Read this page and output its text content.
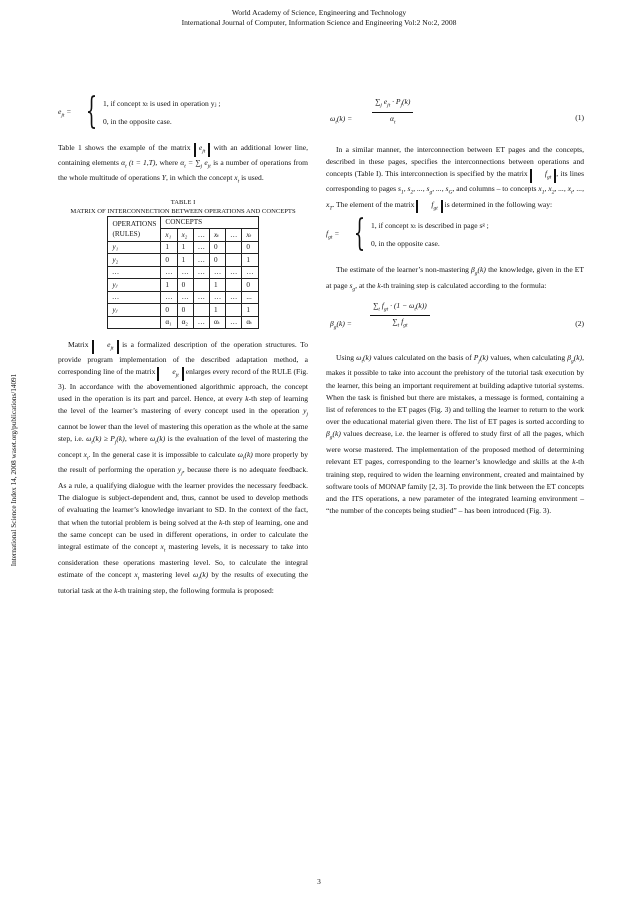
World Academy of Science, Engineering and Technology
International Journal of Computer, Information Science and Engineering Vol:2 No:2, 2008
International Science Index 14, 2008 waset.org/publications/14091
$e_{jt}$ = { 1, if concept xₜ is used in operation yⱼ ;
0, in the opposite case.

Table 1 shows the example of the matrix $e_{jt}$ with an additional lower line, containing elements $\alpha_t$ (t = 1,T), where $\alpha_t = \sum_j$ $e_{jt}$ is a number of operations from the whole multitude of operations Y, in which the concept $x_t$ is used.

TABLE I
MATRIX OF INTERCONNECTION BETWEEN OPERATIONS AND CONCEPTS
OPERATIONS
(RULES)	CONCEPTS					
	x₁	x₂	…	xₜ	…	xₜ
y₁	1	1	…	0		0
y₂	0	1	…	0		1
…	…	…	…	…	…	…
yⱼ	1	0		1		0
…	…	…	…	…	…	...
yⱼ	0	0		1		1
	α₁	α₂	…	αₜ	…	αₜ

Matrix $e_{jt}$ is a formalized description of the operation structures. To provide program implementation of the described adaptation method, a corresponding line of the matrix $e_{jt}$ enlarges every record of the RULE (Fig. 3). In accordance with the abovementioned algorithmic approach, the concept used in the operation is its part and parcel. Hence, at every k-th step of learning the level of the learner’s mastering of every concept used in the operation $y_j$ cannot be lower than the level of mastering this operation as the whole at the same step, i.e. $\omega_t(k) \ge P_j(k)$, where $\omega_t(k)$ is the evaluation of the level of mastering the concept $x_t$. In the general case it is impossible to calculate $\omega_t(k)$ more properly by the result of performing the operation $y_j$, because there is no adequate feedback. As a rule, a qualifying dialogue with the learner provides the necessary feedback. The dialogue is subject-dependent and, thus, cannot be used to develop methods of evaluating the learner’s knowledge invariant to SD. In the context of the fact, that when the tutorial problem is being solved at the k-th step of learning, one and the same concept can be used in different operations, in order to calculate the integral estimate of the concept $x_t$ mastering levels, it is necessary to take into consideration these operations mastering level. So, to calculate the integral estimate of the concept $x_t$ mastering level $\omega_t(k)$ by the results of executing the tutorial task at the k-th training step, the following formula is proposed:

$\omega_t(k)$ =
$\sum_j$ $e_{jt} \cdot P_j(k)$
$\alpha_t$
(1)

In a similar manner, the interconnection between ET pages and the concepts, described in these pages, specifies the interconnections between operations and concepts (Table I). This interconnection is specified by the matrix $f_{gt}$ , its lines corresponding to pages $s_1$, $s_2$, ..., $s_g$, ..., $s_G$, and columns – to concepts $x_1$, $x_2$, ..., $x_t$, ..., $x_T$. The element of the matrix $f_{gt}$ is determined in the following way:

$f_{gt}$ = { 1, if concept xₜ is described in page sᵍ ;
0, in the opposite case.

The estimate of the learner’s non-mastering $\beta_g(k)$ the knowledge, given in the ET at page $s_g$, at the k-th training step is calculated according to the formula:

$\beta_g(k)$ =
$\sum_t$ $f_{gt} \cdot (1 - \omega_t(k))$
$\sum_t$ $f_{gt}$	(2)

Using $\omega_t(k)$ values calculated on the basis of $P_j(k)$ values, when calculating $\beta_g(k)$, makes it possible to take into account the prehistory of the tutorial task execution by the learner, this being an important requirement at building adaptive tutorial systems. When the task is finished but there are mistakes, a message is formed, containing a list of references to the ET pages (Fig. 3) and telling the learner to return to the work over the educational material given there. The list of ET pages is sorted according to $\beta_g(k)$ values decrease, i.e. the learner is offered to study first of all the pages, which were worse mastered. The implementation of the proposed method of determining relevant ET pages, corresponding to the learner’s knowledge and skills at the k-th training step, required to widen the learning environment, created and maintained by software tools of MONAP family [2, 3]. To provide the link between the ET concepts and the ITS operations, a new parameter of the integrated learning environment – “the number of the concepts being studied” – has been introduced (Fig. 3).

3
